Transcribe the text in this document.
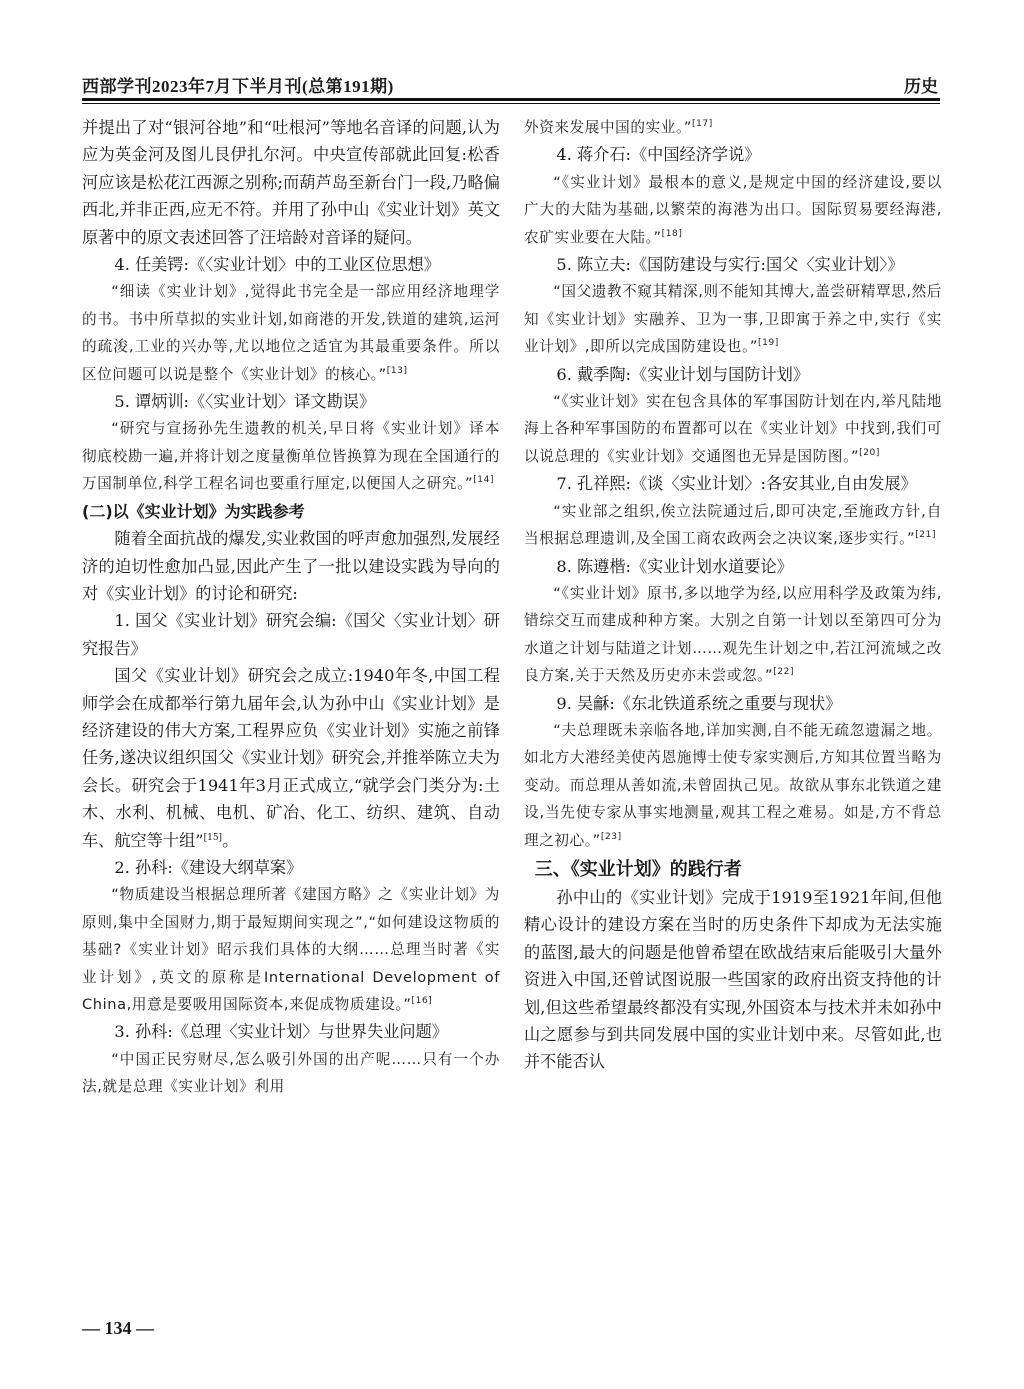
西部学刊2023年7月下半月刊(总第191期)	历史

并提出了对“银河谷地”和“吐根河”等地名音译的问题,认为应为英金河及图儿艮伊扎尔河。中央宣传部就此回复:松香河应该是松花江西源之别称;而葫芦岛至新台门一段,乃略偏西北,并非正西,应无不符。并用了孙中山《实业计划》英文原著中的原文表述回答了汪培龄对音译的疑问。

4. 任美锷:《〈实业计划〉中的工业区位思想》

“细读《实业计划》,觉得此书完全是一部应用经济地理学的书。书中所草拟的实业计划,如商港的开发,铁道的建筑,运河的疏浚,工业的兴办等,尤以地位之适宜为其最重要条件。所以区位问题可以说是整个《实业计划》的核心。”[13]

5. 谭炳训:《〈实业计划〉译文勘误》

“研究与宣扬孙先生遗教的机关,早日将《实业计划》译本彻底校勘一遍,并将计划之度量衡单位皆换算为现在全国通行的万国制单位,科学工程名词也要重行厘定,以便国人之研究。”[14]

(二)以《实业计划》为实践参考

随着全面抗战的爆发,实业救国的呼声愈加强烈,发展经济的迫切性愈加凸显,因此产生了一批以建设实践为导向的对《实业计划》的讨论和研究:

1. 国父《实业计划》研究会编:《国父〈实业计划〉研究报告》

国父《实业计划》研究会之成立:1940年冬,中国工程师学会在成都举行第九届年会,认为孙中山《实业计划》是经济建设的伟大方案,工程界应负《实业计划》实施之前锋任务,遂决议组织国父《实业计划》研究会,并推举陈立夫为会长。研究会于1941年3月正式成立,“就学会门类分为:土木、水利、机械、电机、矿冶、化工、纺织、建筑、自动车、航空等十组”[15]。

2. 孙科:《建设大纲草案》

“物质建设当根据总理所著《建国方略》之《实业计划》为原则,集中全国财力,期于最短期间实现之”,“如何建设这物质的基础?《实业计划》昭示我们具体的大纲……总理当时著《实业计划》,英文的原称是International Development of China,用意是要吸用国际资本,来促成物质建设。”[16]

3. 孙科:《总理〈实业计划〉与世界失业问题》

“中国正民穷财尽,怎么吸引外国的出产呢……只有一个办法,就是总理《实业计划》利用

外资来发展中国的实业。”[17]

4. 蒋介石:《中国经济学说》

“《实业计划》最根本的意义,是规定中国的经济建设,要以广大的大陆为基础,以繁荣的海港为出口。国际贸易要经海港,农矿实业要在大陆。”[18]

5. 陈立夫:《国防建设与实行:国父〈实业计划〉》

“国父遗教不窥其精深,则不能知其博大,盖尝研精覃思,然后知《实业计划》实融养、卫为一事,卫即寓于养之中,实行《实业计划》,即所以完成国防建设也。”[19]

6. 戴季陶:《实业计划与国防计划》

“《实业计划》实在包含具体的军事国防计划在内,举凡陆地海上各种军事国防的布置都可以在《实业计划》中找到,我们可以说总理的《实业计划》交通图也无异是国防图。”[20]

7. 孔祥熙:《谈〈实业计划〉:各安其业,自由发展》

“实业部之组织,俟立法院通过后,即可决定,至施政方针,自当根据总理遗训,及全国工商农政两会之决议案,逐步实行。”[21]

8. 陈遵楷:《实业计划水道要论》

“《实业计划》原书,多以地学为经,以应用科学及政策为纬,错综交互而建成种种方案。大别之自第一计划以至第四可分为水道之计划与陆道之计划……观先生计划之中,若江河流域之改良方案,关于天然及历史亦未尝或忽。”[22]

9. 吴龢:《东北铁道系统之重要与现状》

“夫总理既未亲临各地,详加实测,自不能无疏忽遗漏之地。如北方大港经美使芮恩施博士使专家实测后,方知其位置当略为变动。而总理从善如流,未曾固执己见。故欲从事东北铁道之建设,当先使专家从事实地测量,观其工程之难易。如是,方不背总理之初心。”[23]

三、《实业计划》的践行者

孙中山的《实业计划》完成于1919至1921年间,但他精心设计的建设方案在当时的历史条件下却成为无法实施的蓝图,最大的问题是他曾希望在欧战结束后能吸引大量外资进入中国,还曾试图说服一些国家的政府出资支持他的计划,但这些希望最终都没有实现,外国资本与技术并未如孙中山之愿参与到共同发展中国的实业计划中来。尽管如此,也并不能否认

— 134 —
